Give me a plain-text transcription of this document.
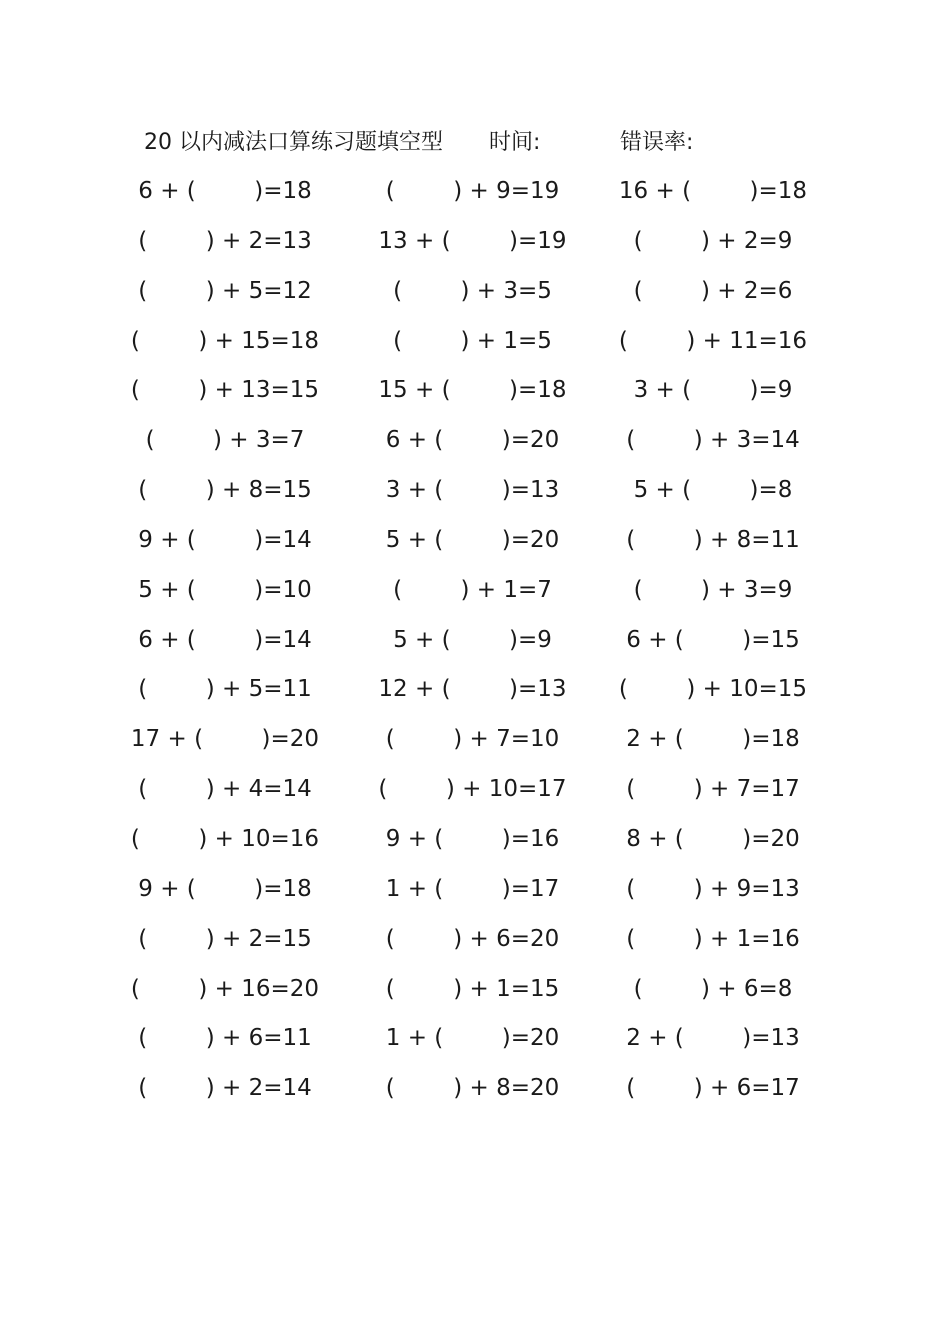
20 以内减法口算练习题填空型 时间:	错误率:
6 + (        )=18	(        ) + 9=19	16 + (        )=18
(        ) + 2=13	13 + (        )=19	(        ) + 2=9
(        ) + 5=12	(        ) + 3=5	(        ) + 2=6
(        ) + 15=18	(        ) + 1=5	(        ) + 11=16
(        ) + 13=15	15 + (        )=18	3 + (        )=9
(        ) + 3=7	6 + (        )=20	(        ) + 3=14
(        ) + 8=15	3 + (        )=13	5 + (        )=8
9 + (        )=14	5 + (        )=20	(        ) + 8=11
5 + (        )=10	(        ) + 1=7	(        ) + 3=9
6 + (        )=14	5 + (        )=9	6 + (        )=15
(        ) + 5=11	12 + (        )=13	(        ) + 10=15
17 + (        )=20	(        ) + 7=10	2 + (        )=18
(        ) + 4=14	(        ) + 10=17	(        ) + 7=17
(        ) + 10=16	9 + (        )=16	8 + (        )=20
9 + (        )=18	1 + (        )=17	(        ) + 9=13
(        ) + 2=15	(        ) + 6=20	(        ) + 1=16
(        ) + 16=20	(        ) + 1=15	(        ) + 6=8
(        ) + 6=11	1 + (        )=20	2 + (        )=13
(        ) + 2=14	(        ) + 8=20	(        ) + 6=17
